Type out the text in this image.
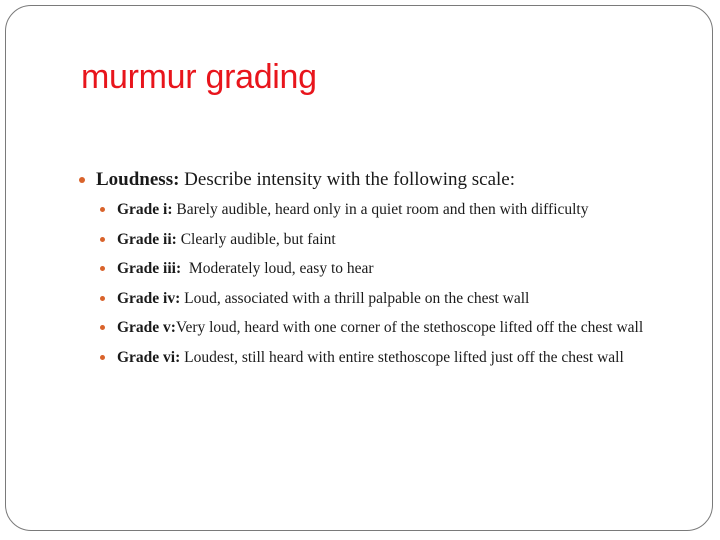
murmur grading
Loudness: Describe intensity with the following scale:
Grade i: Barely audible, heard only in a quiet room and then with difficulty
Grade ii: Clearly audible, but faint
Grade iii:  Moderately loud, easy to hear
Grade iv: Loud, associated with a thrill palpable on the chest wall
Grade v:Very loud, heard with one corner of the stethoscope lifted off the chest wall
Grade vi: Loudest, still heard with entire stethoscope lifted just off the chest wall
